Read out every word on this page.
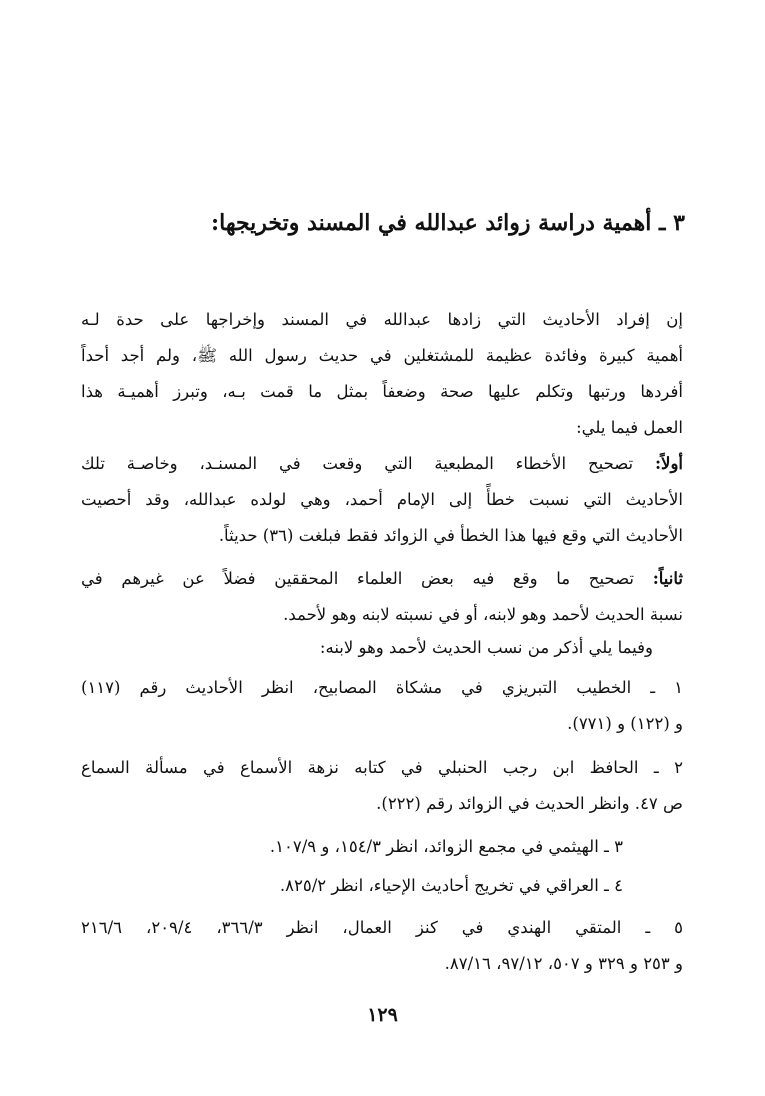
٣ ـ أهمية دراسة زوائد عبدالله في المسند وتخريجها:
إن إفراد الأحاديث التي زادها عبدالله في المسند وإخراجها على حدة لـه
أهمية كبيرة وفائدة عظيمة للمشتغلين في حديث رسول الله ﷺ، ولم أجد أحداً
أفردها ورتبها وتكلم عليها صحة وضعفاً بمثل ما قمت بـه، وتبرز أهميـة هذا
العمل فيما يلي:
أولاً: تصحيح الأخطاء المطبعية التي وقعت في المسنـد، وخاصـة تلك
الأحاديث التي نسبت خطأً إلى الإمام أحمد، وهي لولده عبدالله، وقد أحصيت
الأحاديث التي وقع فيها هذا الخطأ في الزوائد فقط فبلغت (٣٦) حديثاً.
ثانياً: تصحيح ما وقع فيه بعض العلماء المحققين فضلاً عن غيرهم في
نسبة الحديث لأحمد وهو لابنه، أو في نسبته لابنه وهو لأحمد.
وفيما يلي أذكر من نسب الحديث لأحمد وهو لابنه:
١ ـ الخطيب التبريزي في مشكاة المصابيح، انظر الأحاديث رقم (١١٧)
و (١٢٢) و (٧٧١).
٢ ـ الحافظ ابن رجب الحنبلي في كتابه نزهة الأسماع في مسألة السماع
ص ٤٧. وانظر الحديث في الزوائد رقم (٢٢٢).
٣ ـ الهيثمي في مجمع الزوائد، انظر ١٥٤/٣، و ١٠٧/٩.
٤ ـ العراقي في تخريج أحاديث الإحياء، انظر ٨٢٥/٢.
٥ ـ المتقي الهندي في كنز العمال، انظر ٣٦٦/٣، ٢٠٩/٤، ٢١٦/٦
و ٢٥٣ و ٣٢٩ و ٥٠٧، ٩٧/١٢، ٨٧/١٦.
١٢٩
